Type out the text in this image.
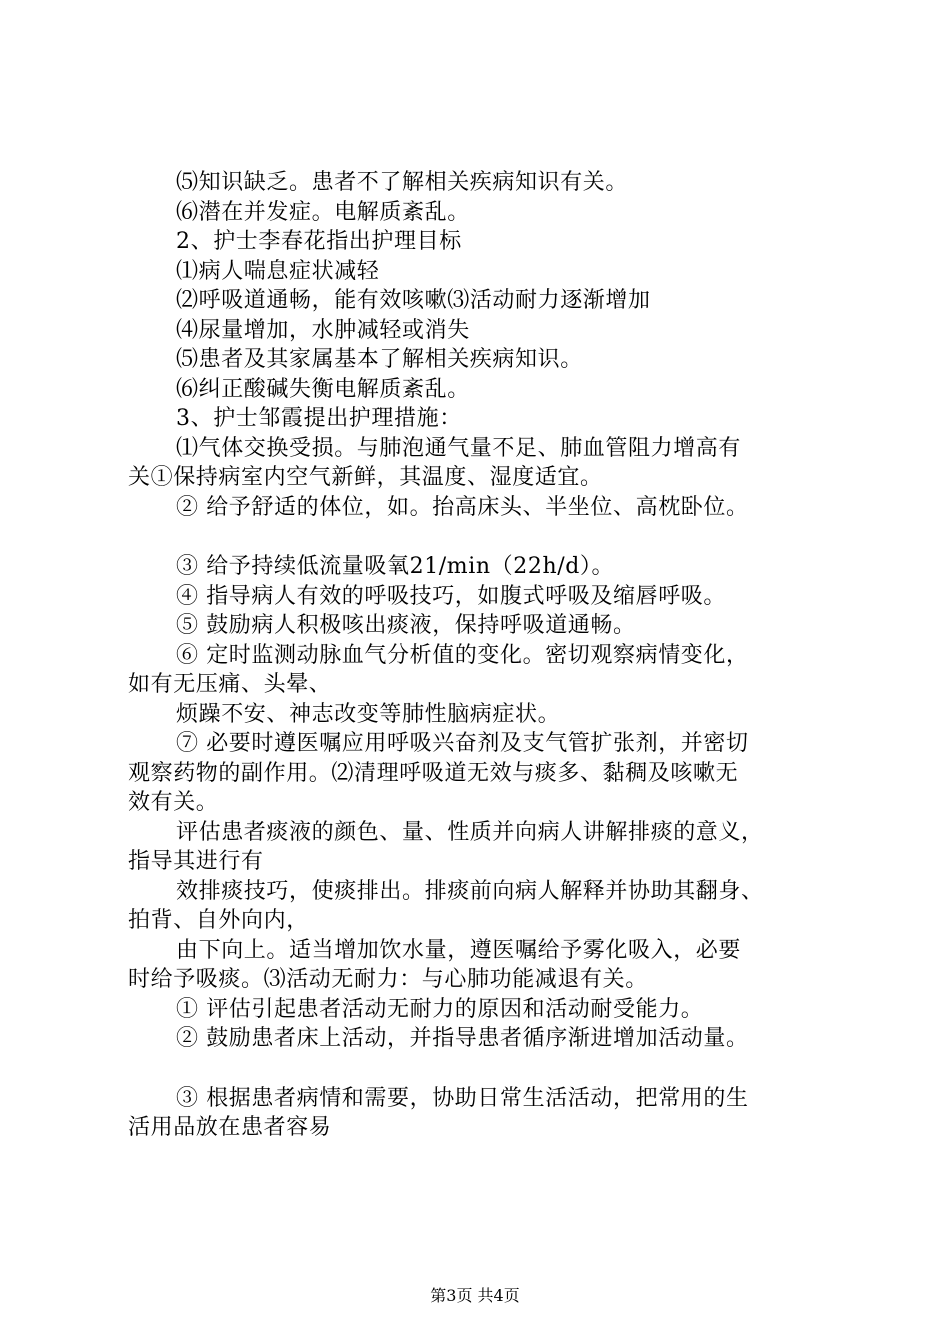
⑸知识缺乏。患者不了解相关疾病知识有关。
⑹潜在并发症。电解质紊乱。
2、护士李春花指出护理目标
⑴病人喘息症状减轻
⑵呼吸道通畅，能有效咳嗽⑶活动耐力逐渐增加
⑷尿量增加，水肿减轻或消失
⑸患者及其家属基本了解相关疾病知识。
⑹纠正酸碱失衡电解质紊乱。
3、护士邹霞提出护理措施：
⑴气体交换受损。与肺泡通气量不足、肺血管阻力增高有
关①保持病室内空气新鲜，其温度、湿度适宜。
② 给予舒适的体位，如。抬高床头、半坐位、高枕卧位。
③ 给予持续低流量吸氧21/min（22h/d）。
④ 指导病人有效的呼吸技巧，如腹式呼吸及缩唇呼吸。
⑤ 鼓励病人积极咳出痰液，保持呼吸道通畅。
⑥ 定时监测动脉血气分析值的变化。密切观察病情变化，
如有无压痛、头晕、
烦躁不安、神志改变等肺性脑病症状。
⑦ 必要时遵医嘱应用呼吸兴奋剂及支气管扩张剂，并密切
观察药物的副作用。⑵清理呼吸道无效与痰多、黏稠及咳嗽无
效有关。
评估患者痰液的颜色、量、性质并向病人讲解排痰的意义，
指导其进行有
效排痰技巧，使痰排出。排痰前向病人解释并协助其翻身、
拍背、自外向内，
由下向上。适当增加饮水量，遵医嘱给予雾化吸入，必要
时给予吸痰。⑶活动无耐力：与心肺功能减退有关。
① 评估引起患者活动无耐力的原因和活动耐受能力。
② 鼓励患者床上活动，并指导患者循序渐进增加活动量。
③ 根据患者病情和需要，协助日常生活活动，把常用的生
活用品放在患者容易
第3页 共4页
